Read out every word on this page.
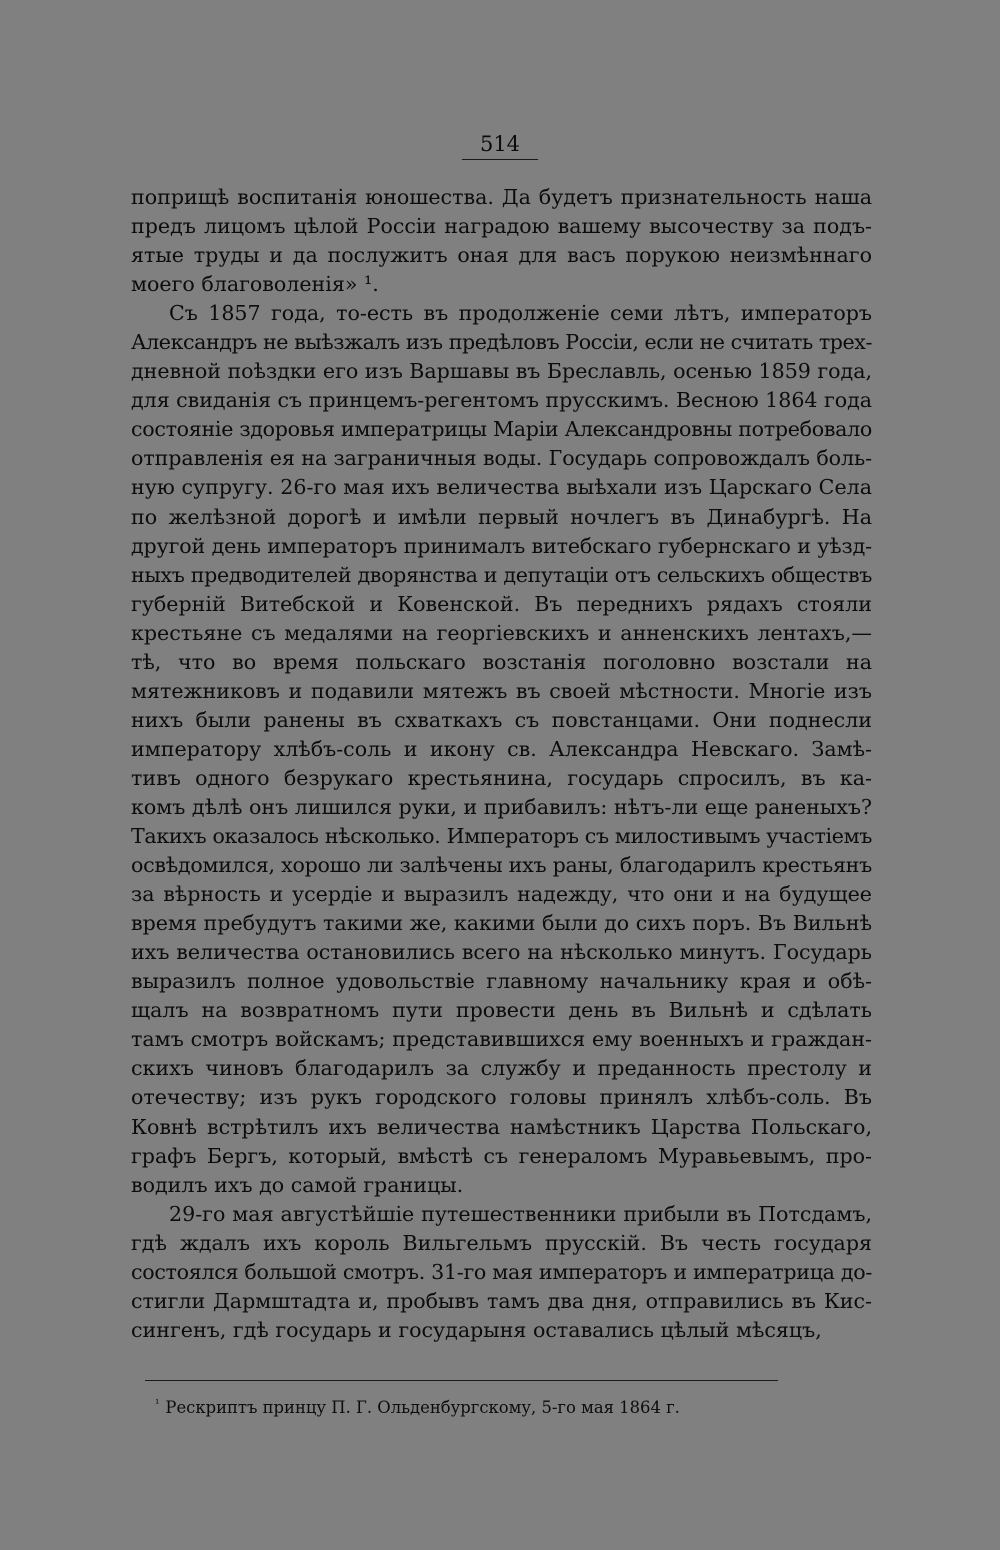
514
поприщѣ воспитанія юношества. Да будетъ признательность наша
предъ лицомъ цѣлой Россіи наградою вашему высочеству за подъ-
ятые труды и да послужитъ оная для васъ порукою неизмѣннаго
моего благоволенія» ¹.
Съ 1857 года, то-есть въ продолженіе семи лѣтъ, императоръ
Александръ не выѣзжалъ изъ предѣловъ Россіи, если не считать трех-
дневной поѣздки его изъ Варшавы въ Бреславль, осенью 1859 года,
для свиданія съ принцемъ-регентомъ прусскимъ. Весною 1864 года
состояніе здоровья императрицы Маріи Александровны потребовало
отправленія ея на заграничныя воды. Государь сопровождалъ боль-
ную супругу. 26-го мая ихъ величества выѣхали изъ Царскаго Села
по желѣзной дорогѣ и имѣли первый ночлегъ въ Динабургѣ. На
другой день императоръ принималъ витебскаго губернскаго и уѣзд-
ныхъ предводителей дворянства и депутаціи отъ сельскихъ обществъ
губерній Витебской и Ковенской. Въ переднихъ рядахъ стояли
крестьяне съ медалями на георгіевскихъ и анненскихъ лентахъ,—
тѣ, что во время польскаго возстанія поголовно возстали на
мятежниковъ и подавили мятежъ въ своей мѣстности. Многіе изъ
нихъ были ранены въ схваткахъ съ повстанцами. Они поднесли
императору хлѣбъ-соль и икону св. Александра Невскаго. Замѣ-
тивъ одного безрукаго крестьянина, государь спросилъ, въ ка-
комъ дѣлѣ онъ лишился руки, и прибавилъ: нѣтъ-ли еще раненыхъ?
Такихъ оказалось нѣсколько. Императоръ съ милостивымъ участіемъ
освѣдомился, хорошо ли залѣчены ихъ раны, благодарилъ крестьянъ
за вѣрность и усердіе и выразилъ надежду, что они и на будущее
время пребудутъ такими же, какими были до сихъ поръ. Въ Вильнѣ
ихъ величества остановились всего на нѣсколько минутъ. Государь
выразилъ полное удовольствіе главному начальнику края и обѣ-
щалъ на возвратномъ пути провести день въ Вильнѣ и сдѣлать
тамъ смотръ войскамъ; представившихся ему военныхъ и граждан-
скихъ чиновъ благодарилъ за службу и преданность престолу и
отечеству; изъ рукъ городского головы принялъ хлѣбъ-соль. Въ
Ковнѣ встрѣтилъ ихъ величества намѣстникъ Царства Польскаго,
графъ Бергъ, который, вмѣстѣ съ генераломъ Муравьевымъ, про-
водилъ ихъ до самой границы.
29-го мая августѣйшіе путешественники прибыли въ Потсдамъ,
гдѣ ждалъ ихъ король Вильгельмъ прусскій. Въ честь государя
состоялся большой смотръ. 31-го мая императоръ и императрица до-
стигли Дармштадта и, пробывъ тамъ два дня, отправились въ Кис-
сингенъ, гдѣ государь и государыня оставались цѣлый мѣсяцъ,
$^{^1}$ Рескриптъ принцу П. Г. Ольденбургскому, 5-го мая 1864 г.
